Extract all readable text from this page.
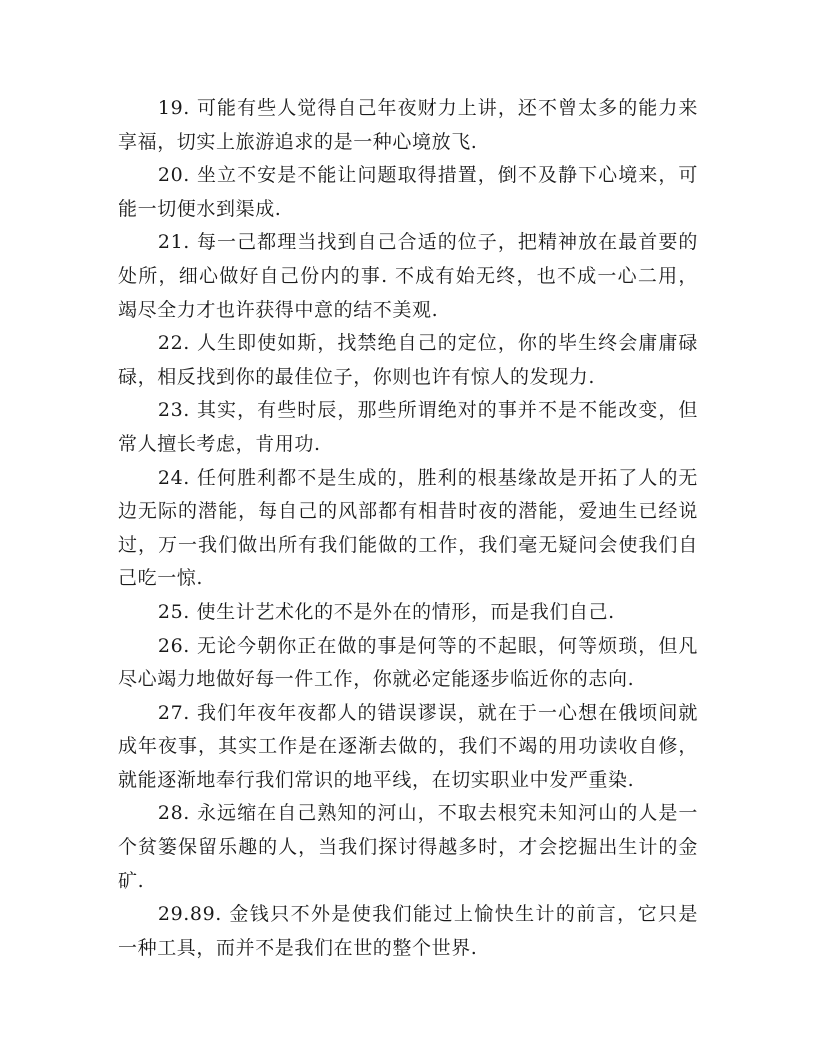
19. 可能有些人觉得自己年夜财力上讲，还不曾太多的能力来享福，切实上旅游追求的是一种心境放飞.

20. 坐立不安是不能让问题取得措置，倒不及静下心境来，可能一切便水到渠成.

21. 每一己都理当找到自己合适的位子，把精神放在最首要的处所，细心做好自己份内的事. 不成有始无终，也不成一心二用，竭尽全力才也许获得中意的结不美观.

22. 人生即使如斯，找禁绝自己的定位，你的毕生终会庸庸碌碌，相反找到你的最佳位子，你则也许有惊人的发现力.

23. 其实，有些时辰，那些所谓绝对的事并不是不能改变，但常人擅长考虑，肯用功.

24. 任何胜利都不是生成的，胜利的根基缘故是开拓了人的无边无际的潜能，每自己的风部都有相昔时夜的潜能，爱迪生已经说过，万一我们做出所有我们能做的工作，我们毫无疑问会使我们自己吃一惊.

25. 使生计艺术化的不是外在的情形，而是我们自己.

26. 无论今朝你正在做的事是何等的不起眼，何等烦琐，但凡尽心竭力地做好每一件工作，你就必定能逐步临近你的志向.

27. 我们年夜年夜都人的错误谬误，就在于一心想在俄顷间就成年夜事，其实工作是在逐渐去做的，我们不竭的用功读收自修，就能逐渐地奉行我们常识的地平线，在切实职业中发严重染.

28. 永远缩在自己熟知的河山，不取去根究未知河山的人是一个贫篓保留乐趣的人，当我们探讨得越多时，才会挖掘出生计的金矿.

29.89. 金钱只不外是使我们能过上愉快生计的前言，它只是一种工具，而并不是我们在世的整个世界.
